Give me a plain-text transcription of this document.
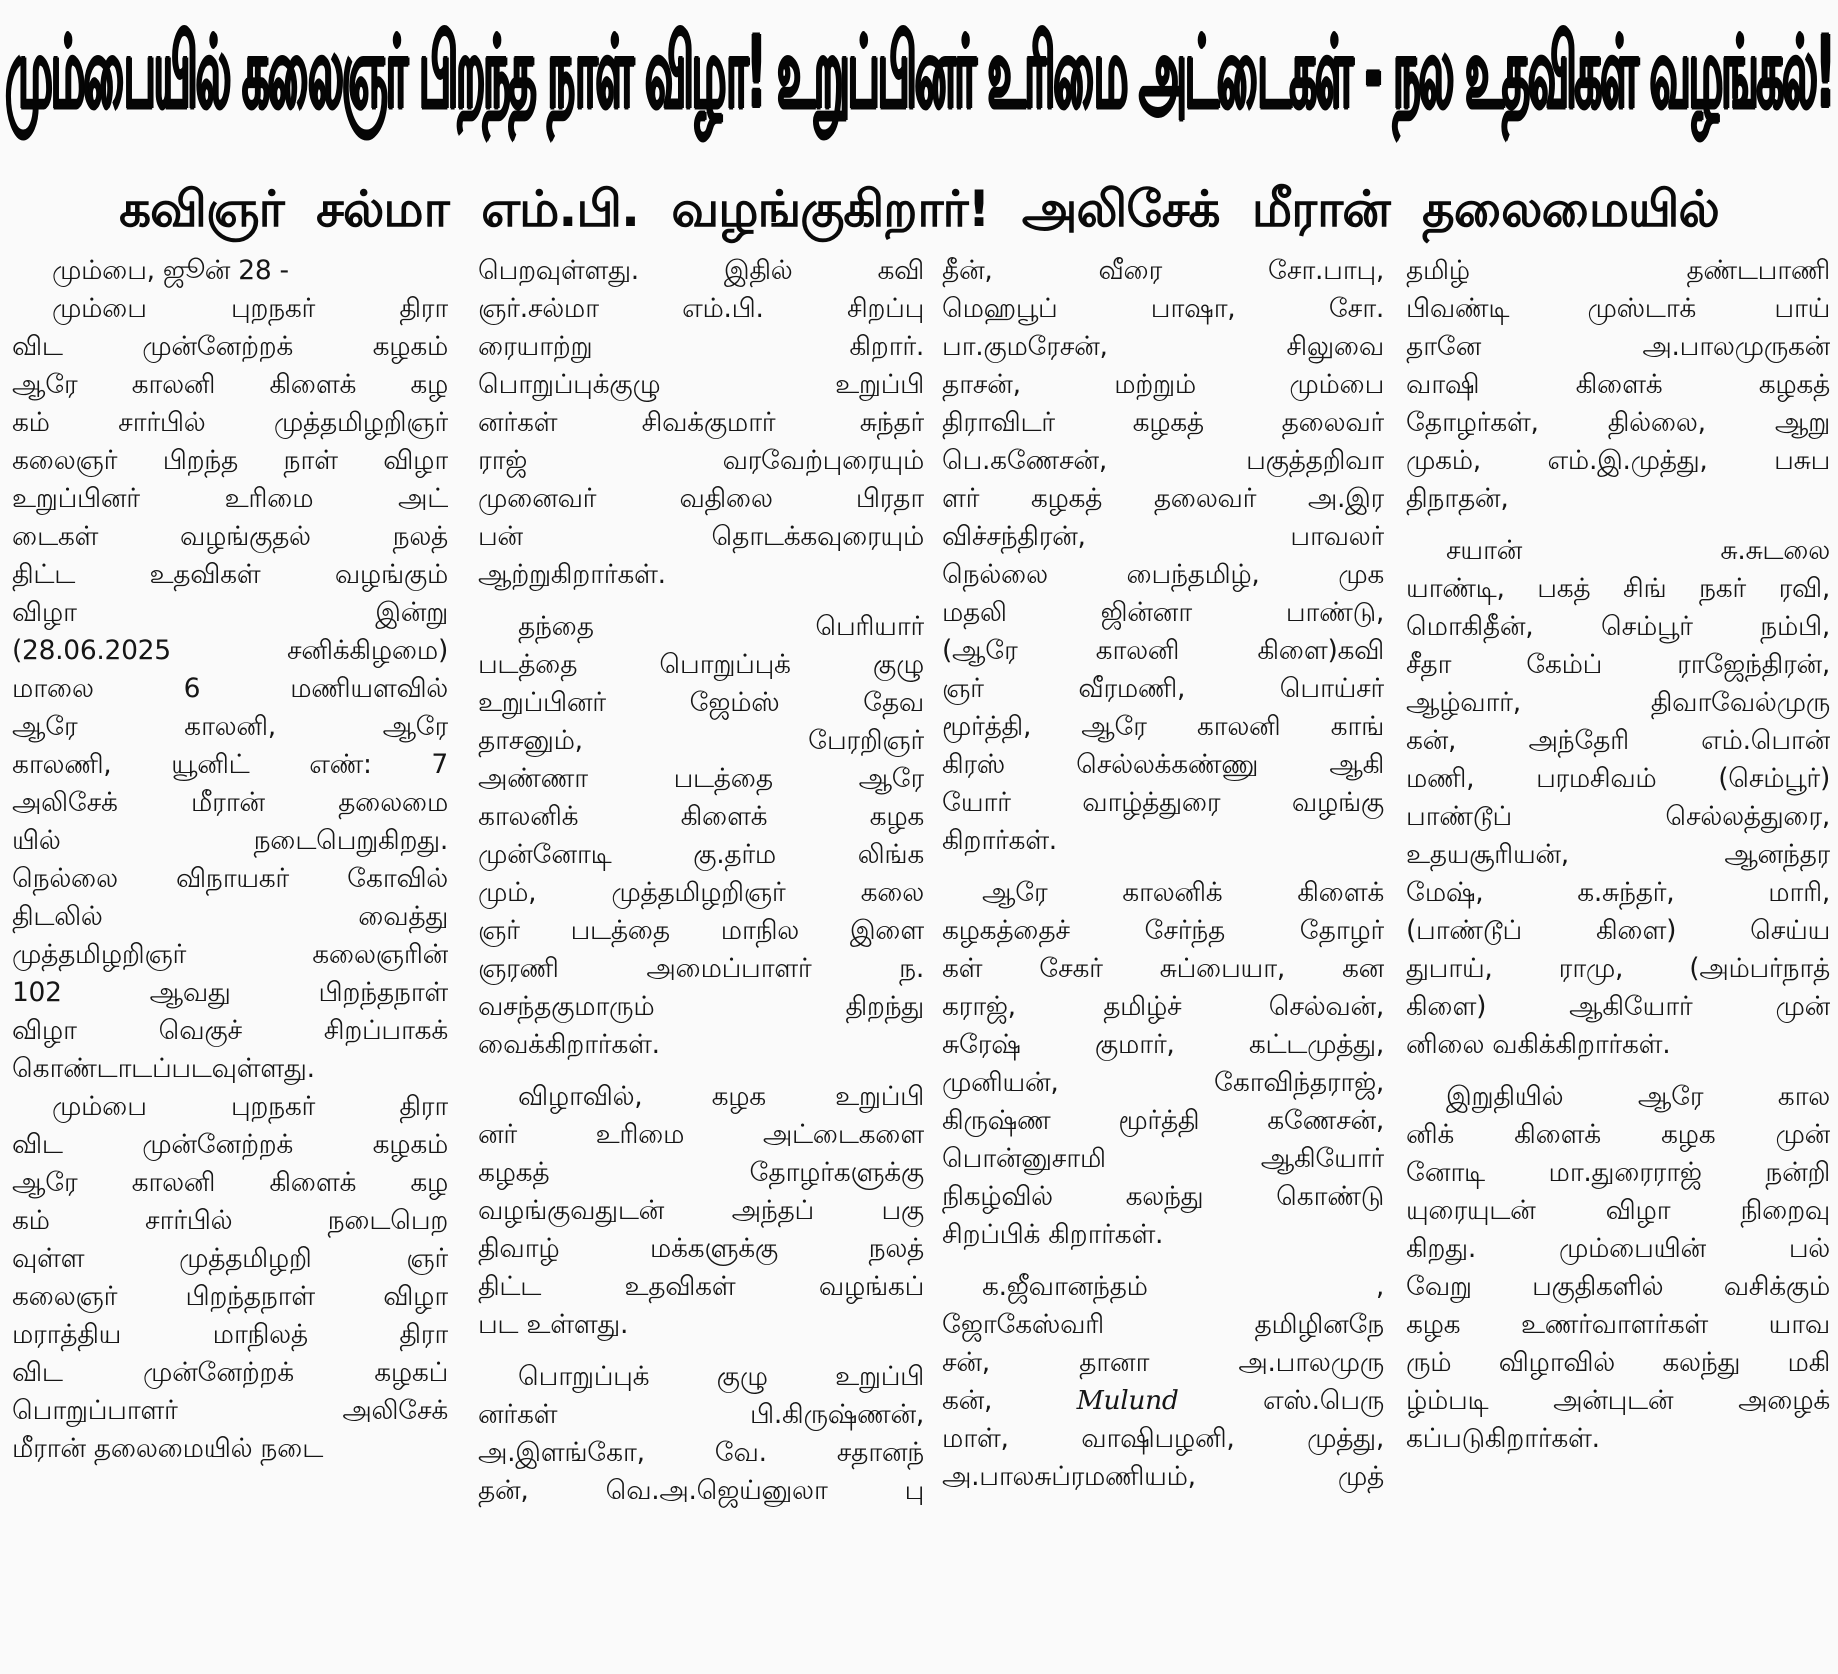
மும்பையில் கலைஞர் பிறந்த நாள் விழா! உறுப்பினர் உரிமை அட்டைகள் - நல உதவிகள் வழங்கல்!
கவிஞர் சல்மா எம்.பி. வழங்குகிறார்! அலிசேக் மீரான் தலைமையில்
மும்பை, ஜூன் 28 -
மும்பை புறநகர் திரா
விட முன்னேற்றக் கழகம்
ஆரே காலனி கிளைக் கழ
கம் சார்பில் முத்தமிழறிஞர்
கலைஞர் பிறந்த நாள் விழா
உறுப்பினர் உரிமை அட்
டைகள் வழங்குதல் நலத்
திட்ட உதவிகள் வழங்கும்
விழா இன்று
(28.06.2025 சனிக்கிழமை)
மாலை 6 மணியளவில்
ஆரே காலனி, ஆரே
காலணி, யூனிட் எண்: 7
அலிசேக் மீரான் தலைமை
யில் நடைபெறுகிறது.
நெல்லை விநாயகர் கோவில்
திடலில் வைத்து
முத்தமிழறிஞர் கலைஞரின்
102 ஆவது பிறந்தநாள்
விழா வெகுச் சிறப்பாகக்
கொண்டாடப்படவுள்ளது.
மும்பை புறநகர் திரா
விட முன்னேற்றக் கழகம்
ஆரே காலனி கிளைக் கழ
கம் சார்பில் நடைபெற
வுள்ள முத்தமிழறி ஞர்
கலைஞர் பிறந்தநாள் விழா
மராத்திய மாநிலத் திரா
விட முன்னேற்றக் கழகப்
பொறுப்பாளர் அலிசேக்
மீரான் தலைமையில் நடை
பெறவுள்ளது. இதில் கவி
ஞர்.சல்மா எம்.பி. சிறப்பு
ரையாற்று கிறார்.
பொறுப்புக்குழு உறுப்பி
னர்கள் சிவக்குமார் சுந்தர்
ராஜ் வரவேற்புரையும்
முனைவர் வதிலை பிரதா
பன் தொடக்கவுரையும்
ஆற்றுகிறார்கள்.
தந்தை பெரியார்
படத்தை பொறுப்புக் குழு
உறுப்பினர் ஜேம்ஸ் தேவ
தாசனும், பேரறிஞர்
அண்ணா படத்தை ஆரே
காலனிக் கிளைக் கழக
முன்னோடி கு.தர்ம லிங்க
மும், முத்தமிழறிஞர் கலை
ஞர் படத்தை மாநில இளை
ஞரணி அமைப்பாளர் ந.
வசந்தகுமாரும் திறந்து
வைக்கிறார்கள்.
விழாவில், கழக உறுப்பி
னர் உரிமை அட்டைகளை
கழகத் தோழர்களுக்கு
வழங்குவதுடன் அந்தப் பகு
திவாழ் மக்களுக்கு நலத்
திட்ட உதவிகள் வழங்கப்
பட உள்ளது.
பொறுப்புக் குழு உறுப்பி
னர்கள் பி.கிருஷ்ணன்,
அ.இளங்கோ, வே. சதானந்
தன், வெ.அ.ஜெய்னுலா பு
தீன், வீரை சோ.பாபு,
மெஹபூப் பாஷா, சோ.
பா.குமரேசன், சிலுவை
தாசன், மற்றும் மும்பை
திராவிடர் கழகத் தலைவர்
பெ.கணேசன், பகுத்தறிவா
ளர் கழகத் தலைவர் அ.இர
விச்சந்திரன், பாவலர்
நெல்லை பைந்தமிழ், முக
மதலி ஜின்னா பாண்டு,
(ஆரே காலனி கிளை)கவி
ஞர் வீரமணி, பொய்சர்
மூர்த்தி, ஆரே காலனி காங்
கிரஸ் செல்லக்கண்ணு ஆகி
யோர் வாழ்த்துரை வழங்கு
கிறார்கள்.
ஆரே காலனிக் கிளைக்
கழகத்தைச் சேர்ந்த தோழர்
கள் சேகர் சுப்பையா, கன
கராஜ், தமிழ்ச் செல்வன்,
சுரேஷ் குமார், கட்டமுத்து,
முனியன், கோவிந்தராஜ்,
கிருஷ்ண மூர்த்தி கணேசன்,
பொன்னுசாமி ஆகியோர்
நிகழ்வில் கலந்து கொண்டு
சிறப்பிக் கிறார்கள்.
க.ஜீவானந்தம் ,
ஜோகேஸ்வரி தமிழினநே
சன், தானா அ.பாலமுரு
கன், Mulund எஸ்.பெரு
மாள், வாஷிபழனி, முத்து,
அ.பாலசுப்ரமணியம், முத்
தமிழ் தண்டபாணி
பிவண்டி முஸ்டாக் பாய்
தானே அ.பாலமுருகன்
வாஷி கிளைக் கழகத்
தோழர்கள், தில்லை, ஆறு
முகம், எம்.இ.முத்து, பசுப
திநாதன்,
சயான் சு.சுடலை
யாண்டி, பகத் சிங் நகர் ரவி,
மொகிதீன், செம்பூர் நம்பி,
சீதா கேம்ப் ராஜேந்திரன்,
ஆழ்வார், திவாவேல்முரு
கன், அந்தேரி எம்.பொன்
மணி, பரமசிவம் (செம்பூர்)
பாண்டூப் செல்லத்துரை,
உதயசூரியன், ஆனந்தர
மேஷ், க.சுந்தர், மாரி,
(பாண்டூப் கிளை) செய்ய
துபாய், ராமு, (அம்பர்நாத்
கிளை) ஆகியோர் முன்
னிலை வகிக்கிறார்கள்.
இறுதியில் ஆரே கால
னிக் கிளைக் கழக முன்
னோடி மா.துரைராஜ் நன்றி
யுரையுடன் விழா நிறைவு
கிறது. மும்பையின் பல்
வேறு பகுதிகளில் வசிக்கும்
கழக உணர்வாளர்கள் யாவ
ரும் விழாவில் கலந்து மகி
ழ்ம்படி அன்புடன் அழைக்
கப்படுகிறார்கள்.
